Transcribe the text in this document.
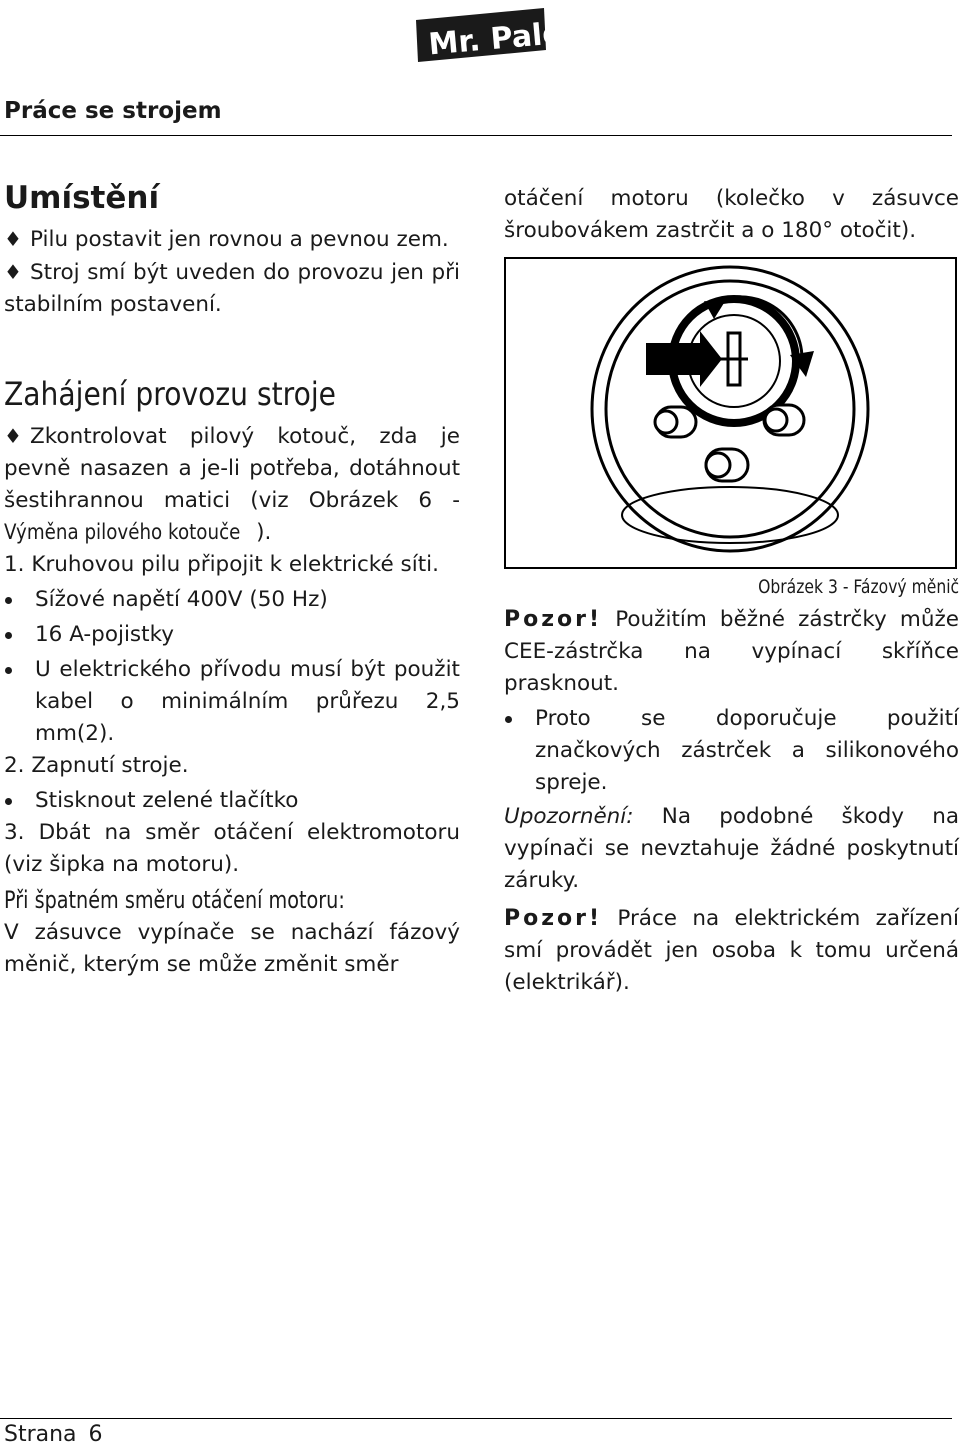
Mr. Paldu
Práce se strojem
Umístění

♦ Pilu postavit jen rovnou a pevnou zem.

♦ Stroj smí být uveden do provozu jen při stabilním postavení.

Zahájení provozu stroje

♦ Zkontrolovat pilový kotouč, zda je pevně nasazen a je-li potřeba, dotáhnout šestihrannou matici (viz Obrázek 6 - Výměna pilového kotouče ).

1. Kruhovou pilu připojit k elektrické síti.

Sížové napětí 400V (50 Hz)
16 A-pojistky
U elektrického přívodu musí být použit kabel o minimálním průřezu 2,5 mm(2).

2. Zapnutí stroje.

Stisknout zelené tlačítko

3. Dbát na směr otáčení elektromotoru (viz šipka na motoru).

Při špatném směru otáčení motoru:

V zásuvce vypínače se nachází fázový měnič, kterým se může změnit směr

otáčení motoru (kolečko v zásuvce šroubovákem zastrčit a o 180° otočit).

Obrázek 3 - Fázový měnič

Pozor! Použitím běžné zástrčky může CEE-zástrčka na vypínací skříňce prasknout.

Proto se doporučuje použití značkových zástrček a silikonového spreje.

Upozornění: Na podobné škody na vypínači se nevztahuje žádné poskytnutí záruky.

Pozor! Práce na elektrickém zařízení smí provádět jen osoba k tomu určená (elektrikář).

Strana 6
